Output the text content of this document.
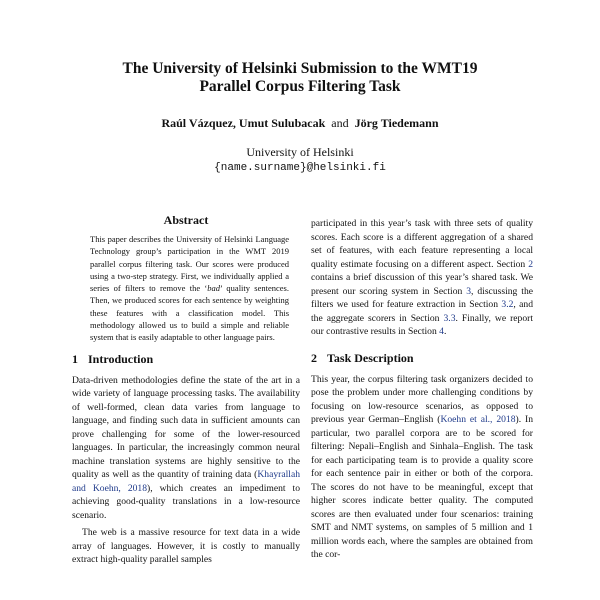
The University of Helsinki Submission to the WMT19
Parallel Corpus Filtering Task
Raúl Vázquez, Umut Sulubacak and Jörg Tiedemann
University of Helsinki
{name.surname}@helsinki.fi
Abstract

This paper describes the University of Helsinki Language Technology group’s participation in the WMT 2019 parallel corpus filtering task. Our scores were produced using a two-step strategy. First, we individually applied a series of filters to remove the ‘bad’ quality sentences. Then, we produced scores for each sentence by weighting these features with a classification model. This methodology allowed us to build a simple and reliable system that is easily adaptable to other language pairs.

1 Introduction

Data-driven methodologies define the state of the art in a wide variety of language processing tasks. The availability of well-formed, clean data varies from language to language, and finding such data in sufficient amounts can prove challenging for some of the lower-resourced languages. In particular, the increasingly common neural machine translation systems are highly sensitive to the quality as well as the quantity of training data (Khayrallah and Koehn, 2018), which creates an impediment to achieving good-quality translations in a low-resource scenario.

The web is a massive resource for text data in a wide array of languages. However, it is costly to manually extract high-quality parallel samples

participated in this year’s task with three sets of quality scores. Each score is a different aggregation of a shared set of features, with each feature representing a local quality estimate focusing on a different aspect. Section 2 contains a brief discussion of this year’s shared task. We present our scoring system in Section 3, discussing the filters we used for feature extraction in Section 3.2, and the aggregate scorers in Section 3.3. Finally, we report our contrastive results in Section 4.

2 Task Description

This year, the corpus filtering task organizers decided to pose the problem under more challenging conditions by focusing on low-resource scenarios, as opposed to previous year German–English (Koehn et al., 2018). In particular, two parallel corpora are to be scored for filtering: Nepali–English and Sinhala–English. The task for each participating team is to provide a quality score for each sentence pair in either or both of the corpora. The scores do not have to be meaningful, except that higher scores indicate better quality. The computed scores are then evaluated under four scenarios: training SMT and NMT systems, on samples of 5 million and 1 million words each, where the samples are obtained from the cor-
